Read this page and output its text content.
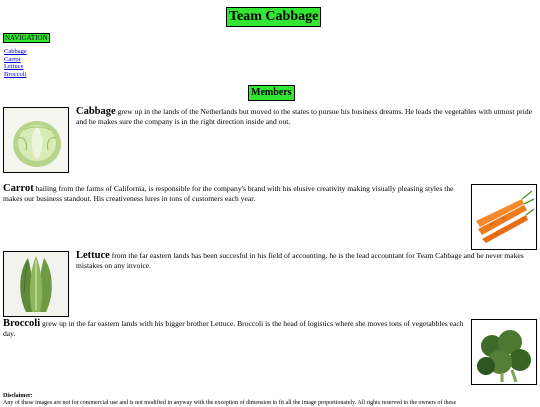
Team Cabbage
NAVIGATION
Cabbage
Carrot
Lettuce
Broccoli
Members
Cabbage grew up in the lands of the Netherlands but moved to the states to pursue his business dreams. He leads the vegetables with utmost pride and he makes sure the company is in the right direction inside and out.
Carrot hailing from the farms of California, is responsible for the company's brand with his elusive creativity making visually pleasing styles the makes our business standout. His creativeness lures in tons of customers each year.
Lettuce from the far eastern lands has been succesful in his field of accounting. he is the lead accountant for Team Cabbage and he never makes mistakes on any invoice.
Broccoli grew up in the far eastern lands with his bigger brother Lettuce. Broccoli is the head of logistics where she moves tons of vegetabbles each day.
Disclaimer:
Any of these images are not for commercial use and is not modified in anyway with the exception of dimension to fit all the image proportionately. All rights reserved to the owners of these
